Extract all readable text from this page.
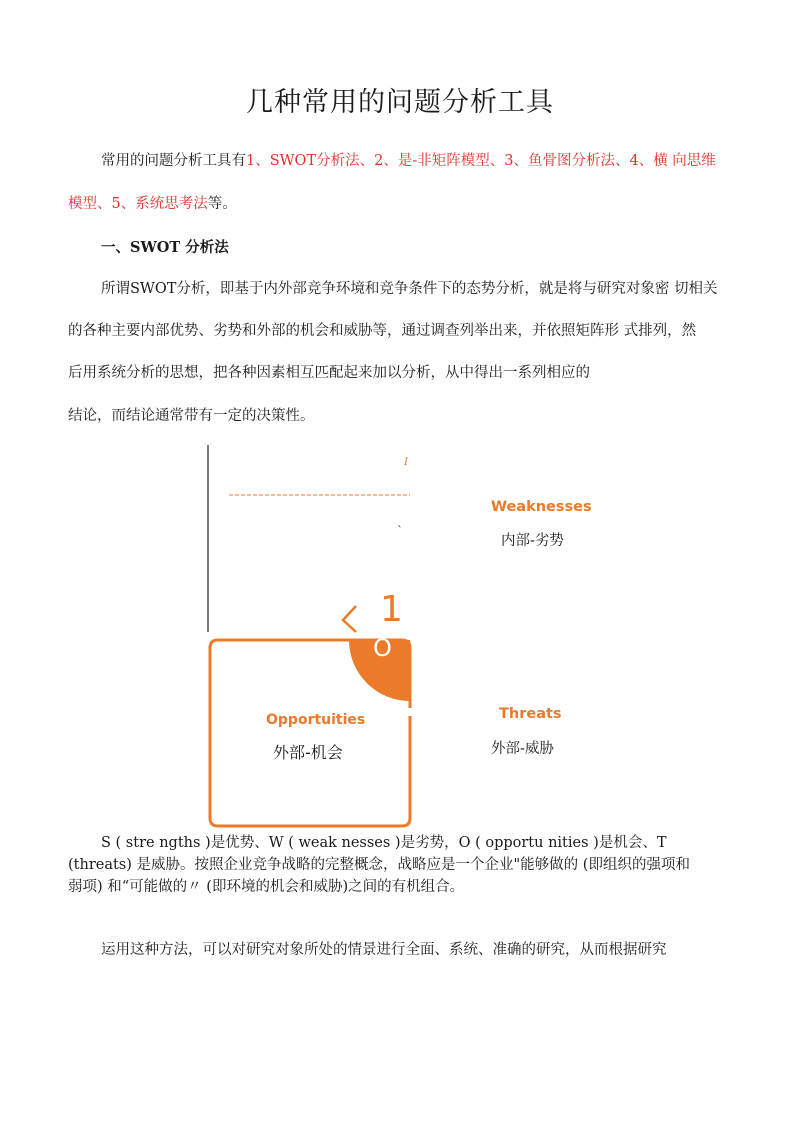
几种常用的问题分析工具
常用的问题分析工具有1、SWOT分析法、2、是-非矩阵模型、3、鱼骨图分析法、4、横 向思维
模型、5、系统思考法等。
一、SWOT 分析法
所谓SWOT分析，即基于内外部竞争环境和竞争条件下的态势分析，就是将与研究对象密 切相关
的各种主要内部优势、劣势和外部的机会和威胁等，通过调查列举出来，并依照矩阵形 式排列，然
后用系统分析的思想，把各种因素相互匹配起来加以分析，从中得出一系列相应的
结论，而结论通常带有一定的决策性。
I
`
1
O
Weaknesses
内部-劣势
Opportuities
外部-机会
Threats
外部-威胁
S ( stre ngths )是优势、W ( weak nesses )是劣势，O ( opportu nities )是机会、T
(threats) 是威胁。按照企业竞争战略的完整概念，战略应是一个企业"能够做的 (即组织的强项和
弱项) 和“可能做的〃 (即环境的机会和威胁)之间的有机组合。
运用这种方法，可以对研究对象所处的情景进行全面、系统、准确的研究，从而根据研究
